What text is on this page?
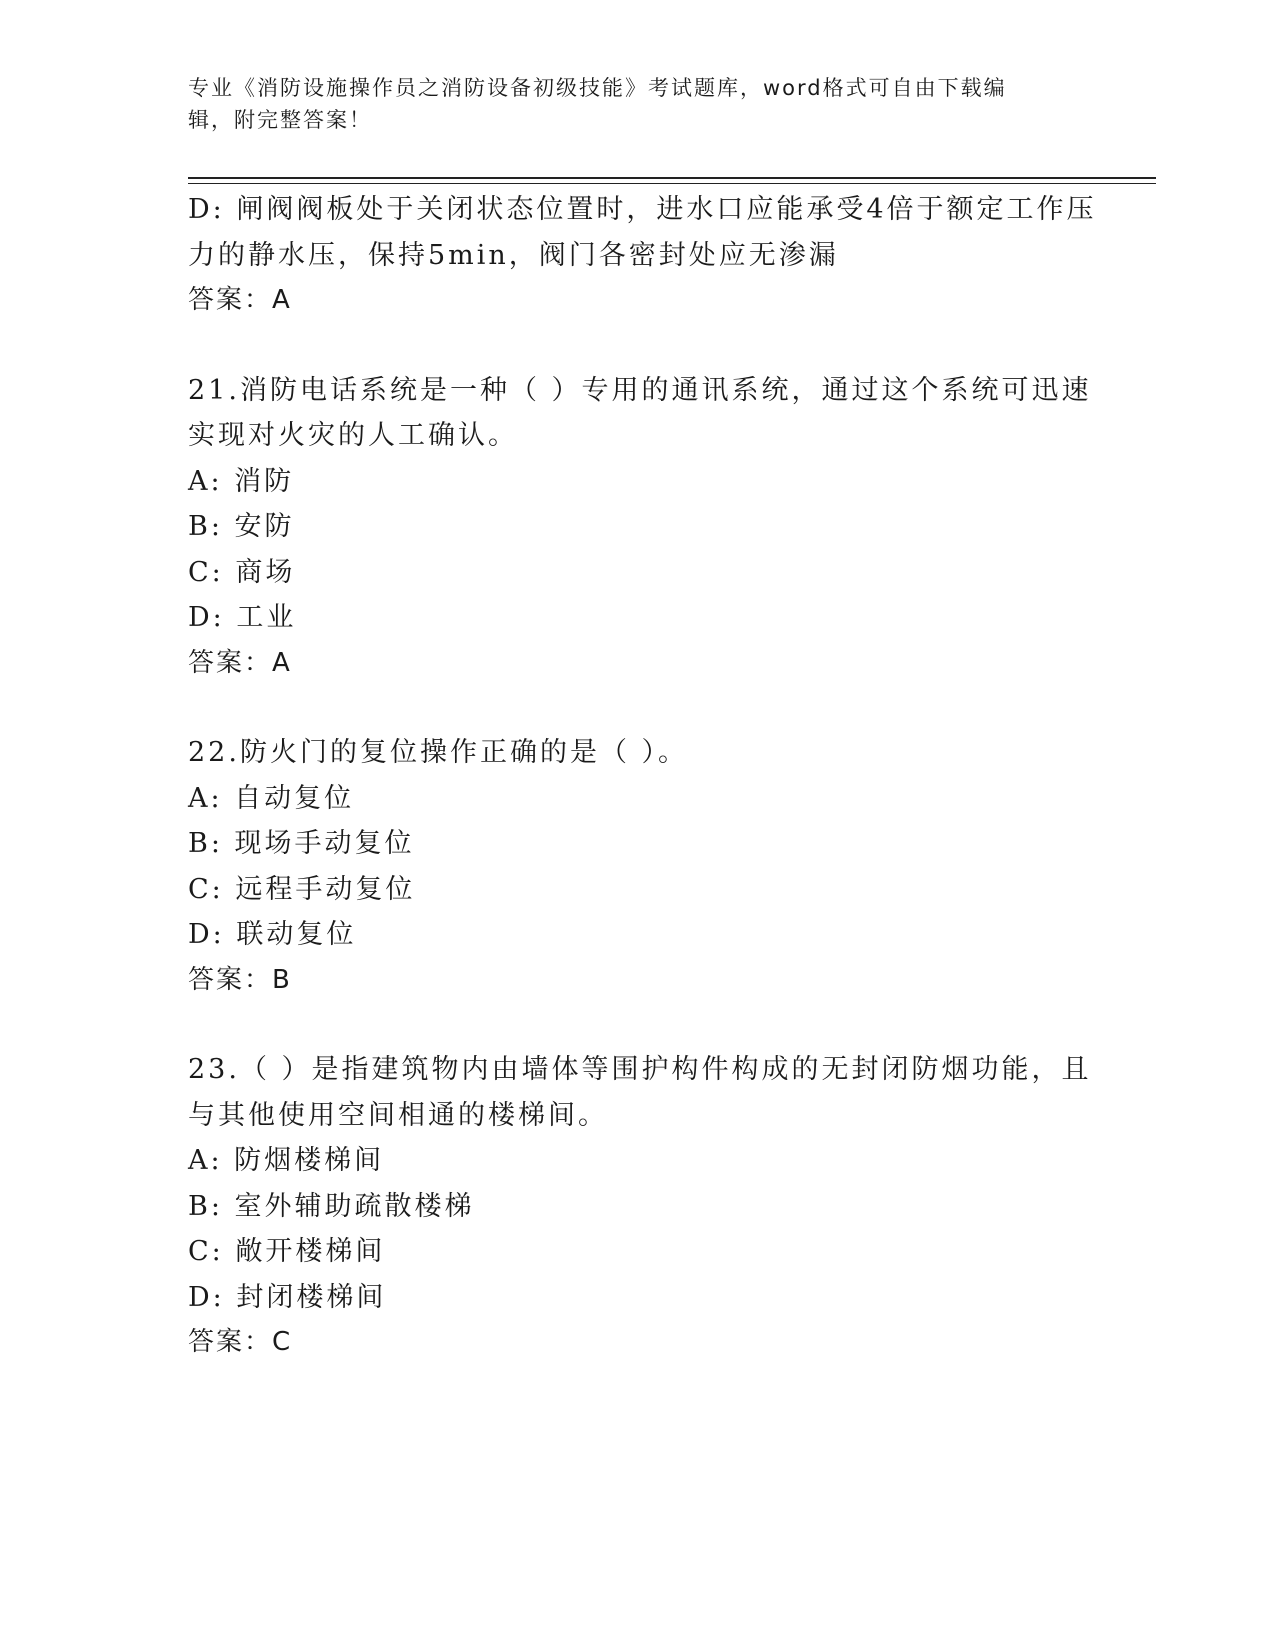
专业《消防设施操作员之消防设备初级技能》考试题库，word格式可自由下载编
辑，附完整答案！
D: 闸阀阀板处于关闭状态位置时，进水口应能承受4倍于额定工作压
力的静水压，保持5min，阀门各密封处应无渗漏
答案：A
21.消防电话系统是一种（ ）专用的通讯系统，通过这个系统可迅速
实现对火灾的人工确认。
A: 消防
B: 安防
C: 商场
D: 工业
答案：A
22.防火门的复位操作正确的是（ ）。
A: 自动复位
B: 现场手动复位
C: 远程手动复位
D: 联动复位
答案：B
23.（ ）是指建筑物内由墙体等围护构件构成的无封闭防烟功能，且
与其他使用空间相通的楼梯间。
A: 防烟楼梯间
B: 室外辅助疏散楼梯
C: 敞开楼梯间
D: 封闭楼梯间
答案：C
